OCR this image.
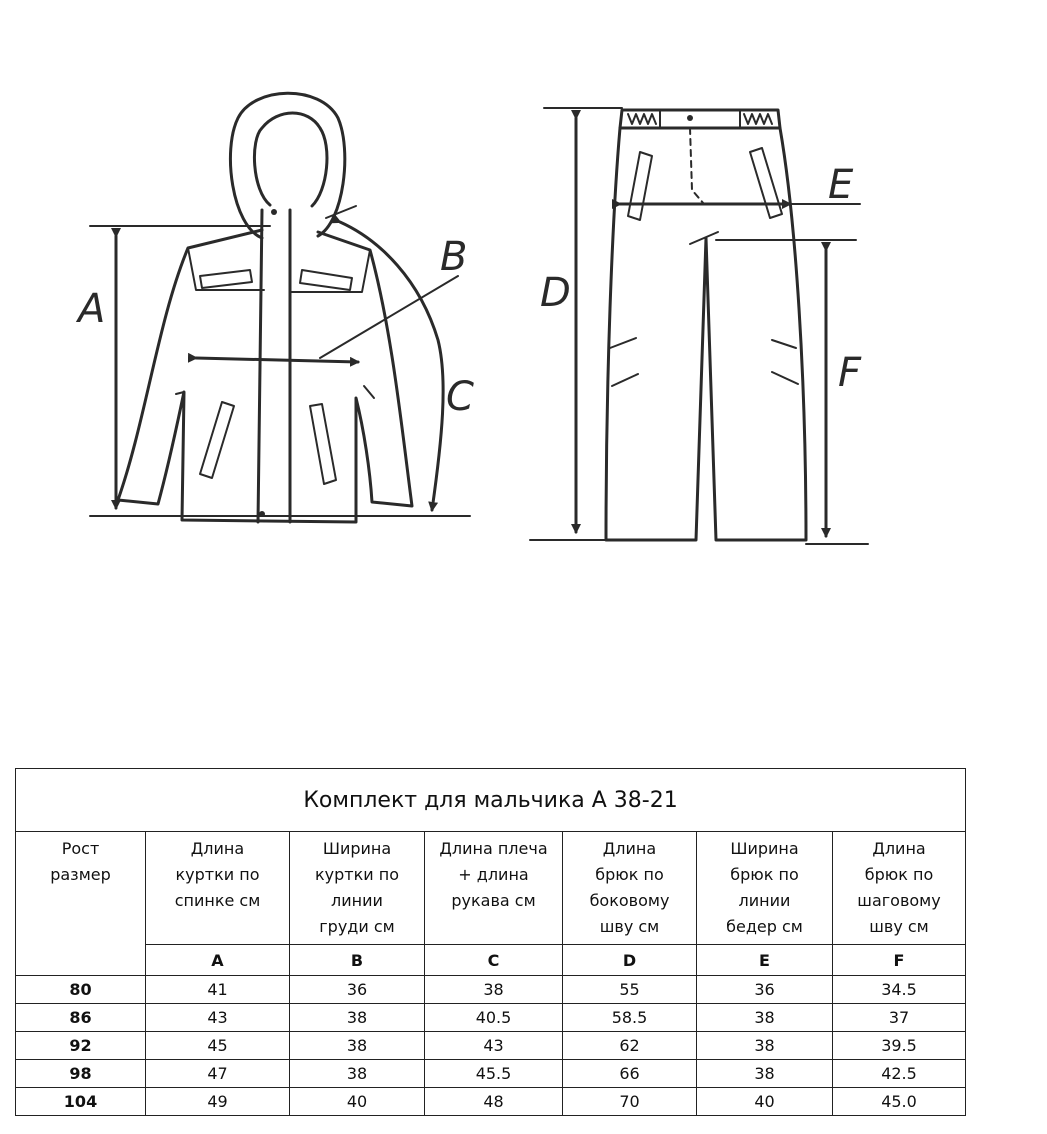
A
B
C
D
E
F
Комплект для мальчика А 38-21						
Рост
размер	Длина
куртки по
спинке см	Ширина
куртки по
линии
груди см	Длина плеча
+ длина
рукава см	Длина
брюк по
боковому
шву см	Ширина
брюк по
линии
бедер см	Длина
брюк по
шаговому
шву см
	A	B	C	D	E	F
80	41	36	38	55	36	34.5
86	43	38	40.5	58.5	38	37
92	45	38	43	62	38	39.5
98	47	38	45.5	66	38	42.5
104	49	40	48	70	40	45.0
